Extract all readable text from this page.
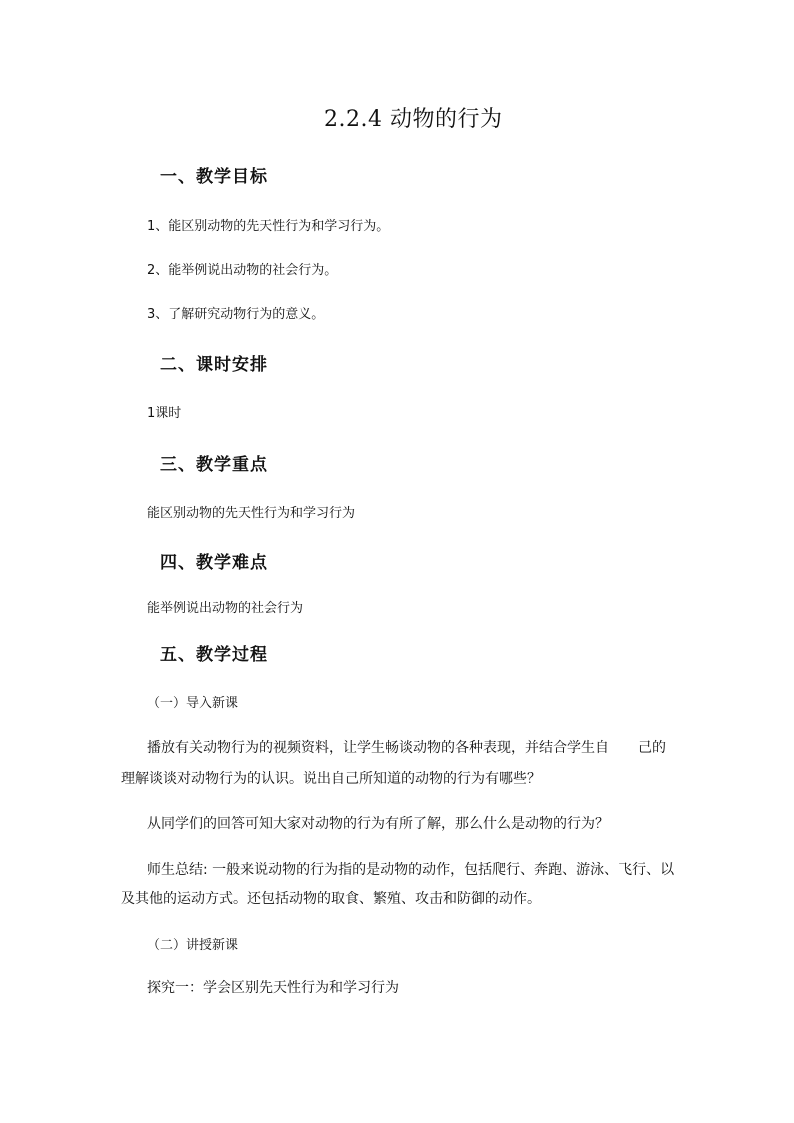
2.2.4 动物的行为
一、教学目标
1、能区别动物的先天性行为和学习行为。
2、能举例说出动物的社会行为。
3、了解研究动物行为的意义。
二、课时安排
1课时
三、教学重点
能区别动物的先天性行为和学习行为
四、教学难点
能举例说出动物的社会行为
五、教学过程
（一）导入新课
播放有关动物行为的视频资料，让学生畅谈动物的各种表现，并结合学生自 己的
理解谈谈对动物行为的认识。说出自己所知道的动物的行为有哪些？
从同学们的回答可知大家对动物的行为有所了解，那么什么是动物的行为？
师生总结: 一般来说动物的行为指的是动物的动作，包括爬行、奔跑、游泳、飞行、以
及其他的运动方式。还包括动物的取食、繁殖、攻击和防御的动作。
（二）讲授新课
探究一：学会区别先天性行为和学习行为
